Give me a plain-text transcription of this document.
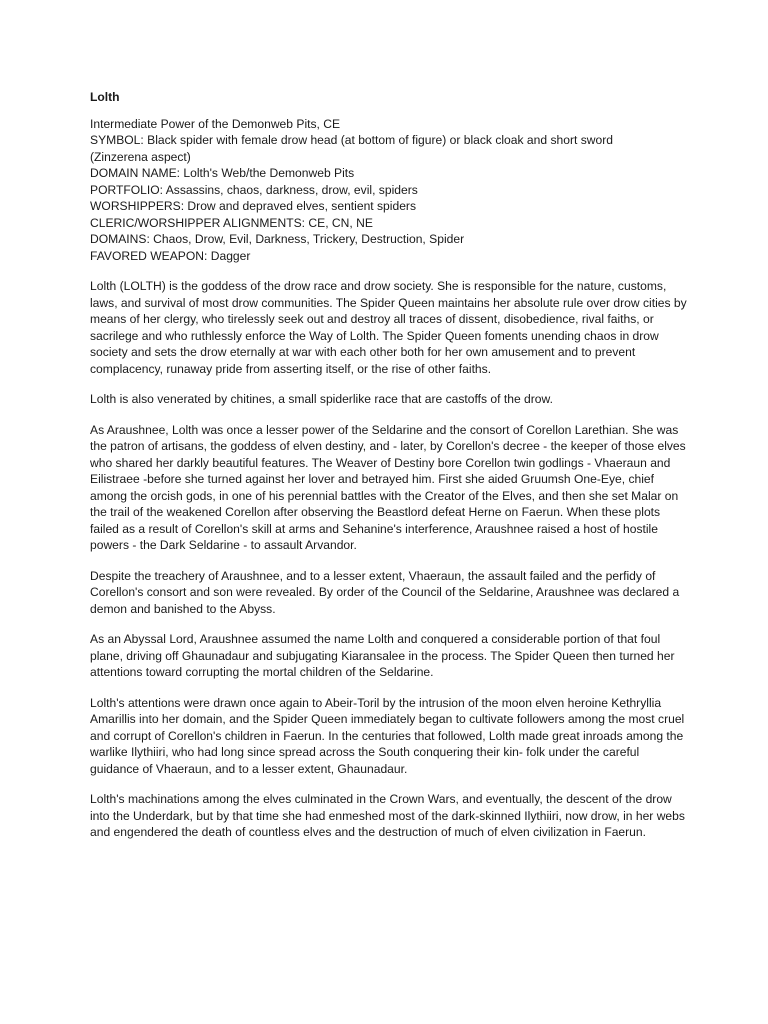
Lolth
Intermediate Power of the Demonweb Pits, CE
SYMBOL: Black spider with female drow head (at bottom of figure) or black cloak and short sword
(Zinzerena aspect)
DOMAIN NAME: Lolth's Web/the Demonweb Pits
PORTFOLIO: Assassins, chaos, darkness, drow, evil, spiders
WORSHIPPERS: Drow and depraved elves, sentient spiders
CLERIC/WORSHIPPER ALIGNMENTS: CE, CN, NE
DOMAINS: Chaos, Drow, Evil, Darkness, Trickery, Destruction, Spider
FAVORED WEAPON: Dagger

Lolth (LOLTH) is the goddess of the drow race and drow society. She is responsible for the nature, customs, laws, and survival of most drow communities. The Spider Queen maintains her absolute rule over drow cities by means of her clergy, who tirelessly seek out and destroy all traces of dissent, disobedience, rival faiths, or sacrilege and who ruthlessly enforce the Way of Lolth. The Spider Queen foments unending chaos in drow society and sets the drow eternally at war with each other both for her own amusement and to prevent complacency, runaway pride from asserting itself, or the rise of other faiths.

Lolth is also venerated by chitines, a small spiderlike race that are castoffs of the drow.

As Araushnee, Lolth was once a lesser power of the Seldarine and the consort of Corellon Larethian. She was the patron of artisans, the goddess of elven destiny, and - later, by Corellon's decree - the keeper of those elves who shared her darkly beautiful features. The Weaver of Destiny bore Corellon twin godlings - Vhaeraun and Eilistraee -before she turned against her lover and betrayed him. First she aided Gruumsh One-Eye, chief among the orcish gods, in one of his perennial battles with the Creator of the Elves, and then she set Malar on the trail of the weakened Corellon after observing the Beastlord defeat Herne on Faerun. When these plots failed as a result of Corellon's skill at arms and Sehanine's interference, Araushnee raised a host of hostile powers - the Dark Seldarine - to assault Arvandor.

Despite the treachery of Araushnee, and to a lesser extent, Vhaeraun, the assault failed and the perfidy of Corellon's consort and son were revealed. By order of the Council of the Seldarine, Araushnee was declared a demon and banished to the Abyss.

As an Abyssal Lord, Araushnee assumed the name Lolth and conquered a considerable portion of that foul plane, driving off Ghaunadaur and subjugating Kiaransalee in the process. The Spider Queen then turned her attentions toward corrupting the mortal children of the Seldarine.

Lolth's attentions were drawn once again to Abeir-Toril by the intrusion of the moon elven heroine Kethryllia Amarillis into her domain, and the Spider Queen immediately began to cultivate followers among the most cruel and corrupt of Corellon's children in Faerun. In the centuries that followed, Lolth made great inroads among the warlike Ilythiiri, who had long since spread across the South conquering their kin- folk under the careful guidance of Vhaeraun, and to a lesser extent, Ghaunadaur.

Lolth's machinations among the elves culminated in the Crown Wars, and eventually, the descent of the drow into the Underdark, but by that time she had enmeshed most of the dark-skinned Ilythiiri, now drow, in her webs and engendered the death of countless elves and the destruction of much of elven civilization in Faerun.
